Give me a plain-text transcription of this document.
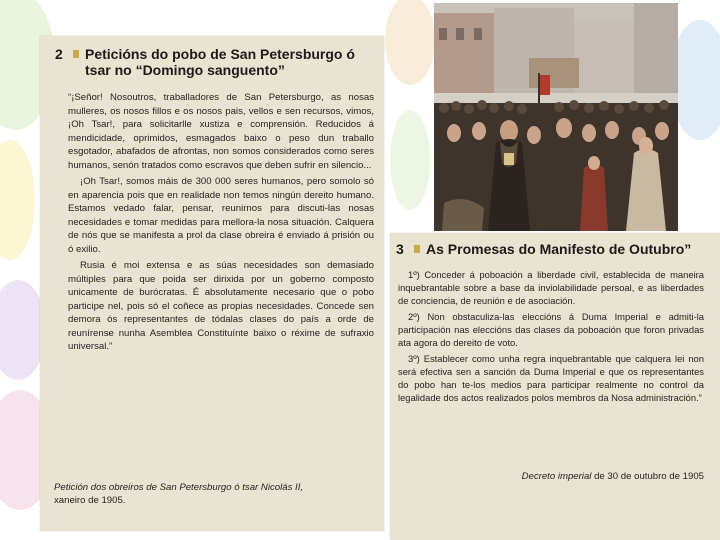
2	Peticións do pobo de San Petersburgo ó tsar no “Domingo sanguento”

“¡Señor! Nosoutros, traballadores de San Petersburgo, as nosas mulleres, os nosos fillos e os nosos pais, vellos e sen recursos, vimos, ¡Oh Tsar!, para solicitarlle xustiza e comprensión. Reducidos á mendicidade, oprimidos, esmagados baixo o peso dun traballo esgotador, abafados de afrontas, non somos considerados como seres humanos, senón tratados como escravos que deben sufrir en silencio...

¡Oh Tsar!, somos máis de 300 000 seres humanos, pero somolo só en aparencia pois que en realidade non temos ningún dereito humano. Estamos vedado falar, pensar, reunirnos para discuti-las nosas necesidades e tomar medidas para mellora-la nosa situación. Calquera de nós que se manifesta a prol da clase obreira é enviado á prisión ou ó exilio.

Rusia é moi extensa e as súas necesidades son demasiado múltiples para que poida ser dirixida por un goberno composto unicamente de burócratas. É absolutamente necesario que o pobo participe nel, pois só el coñece as propias necesidades. Concede sen demora ós representantes de tódalas clases do país a orde de reunírense nunha Asemblea Constituínte baixo o réxime de sufraxio universal.”

Petición dos obreiros de San Petersburgo ó tsar Nicolás II,
xaneiro de 1905.
3	As Promesas do Manifesto de Outubro”

1º) Conceder á poboación a liberdade civil, establecida de maneira inquebrantable sobre a base da inviolabilidade persoal, e as liberdades de conciencia, de reunión e de asociación.

2º) Non obstaculiza-las eleccións á Duma Imperial e admiti-la participación nas eleccións das clases da poboación que foron privadas ata agora do dereito de voto.

3º) Establecer como unha regra inquebrantable que calquera lei non será efectiva sen a sanción da Duma Imperial e que os representantes do pobo han te-los medios para participar realmente no control da legalidade dos actos realizados polos membros da Nosa administración.”

Decreto imperial de 30 de outubro de 1905
